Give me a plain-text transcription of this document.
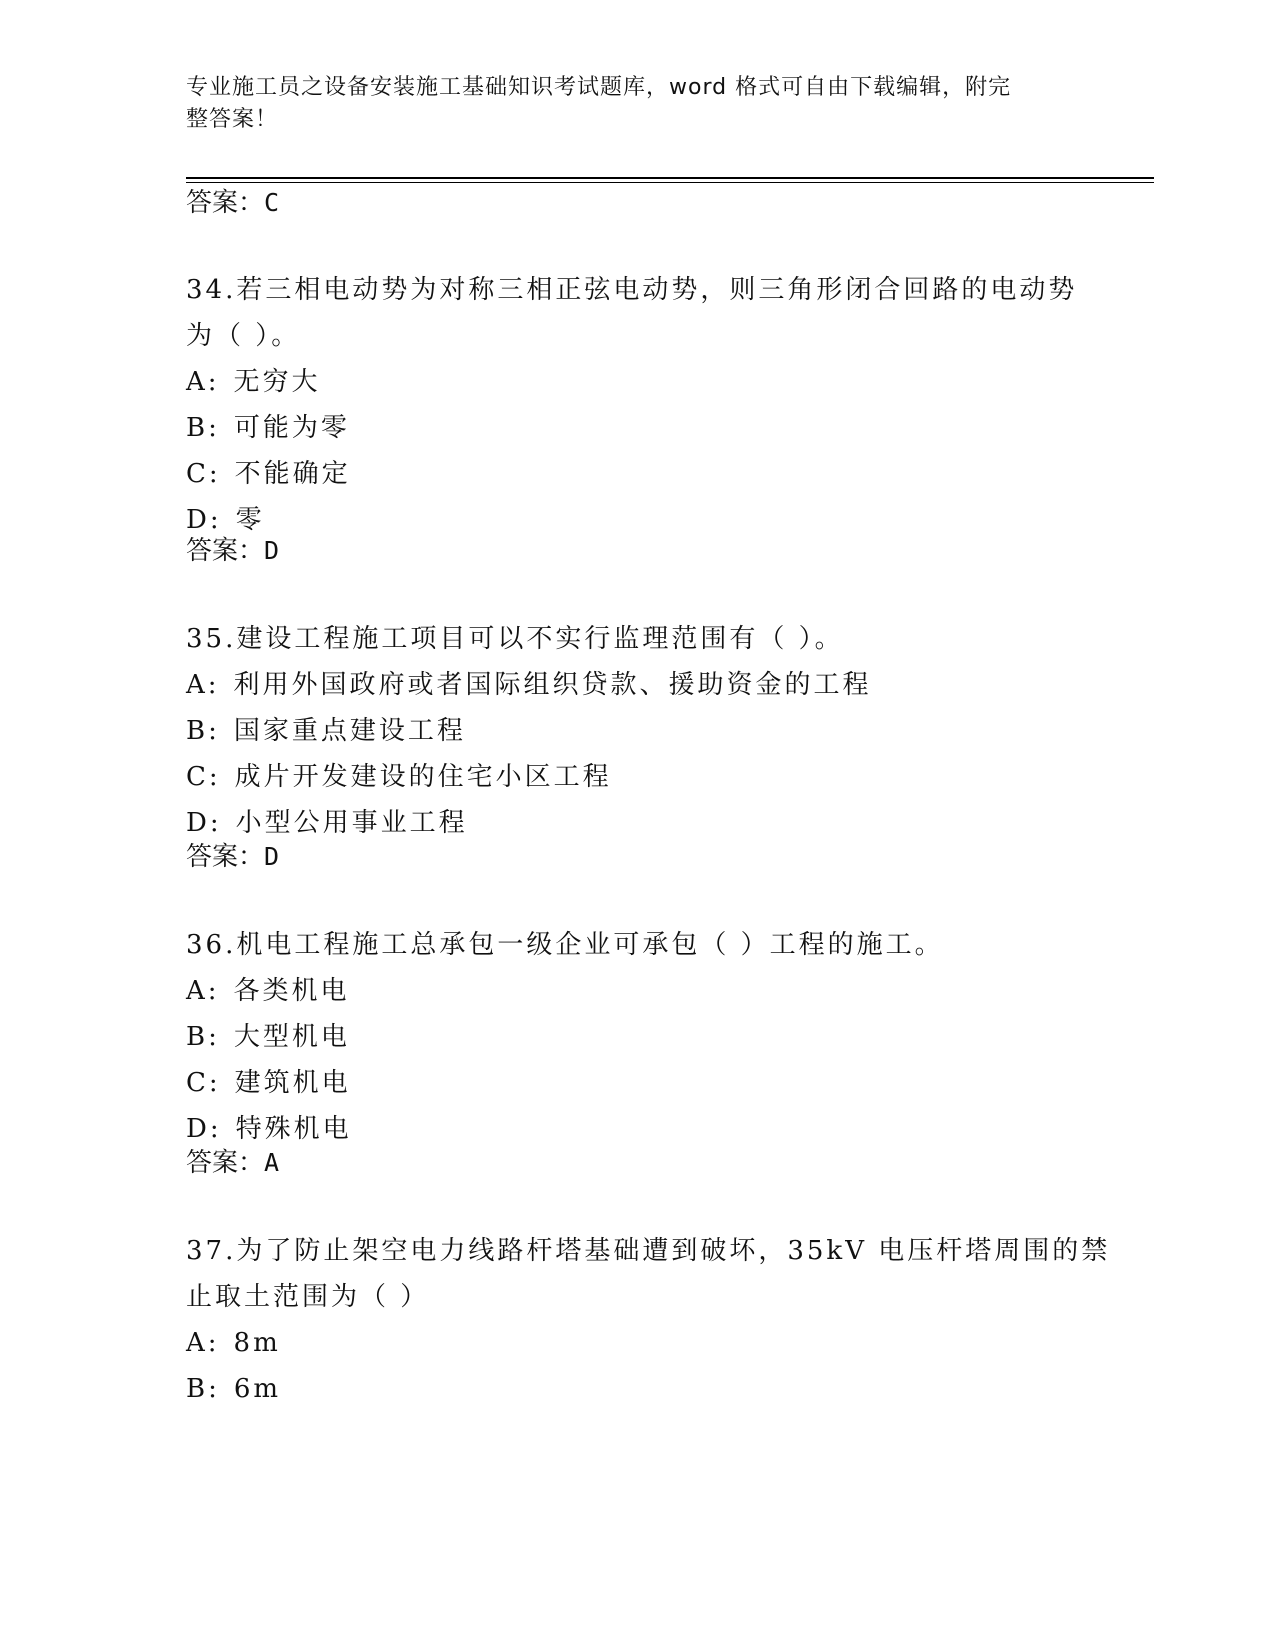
专业施工员之设备安装施工基础知识考试题库，word 格式可自由下载编辑，附完
整答案！
答案：C
34.若三相电动势为对称三相正弦电动势，则三角形闭合回路的电动势
为（ ）。
A: 无穷大
B: 可能为零
C: 不能确定
D: 零
答案：D
35.建设工程施工项目可以不实行监理范围有（ ）。
A: 利用外国政府或者国际组织贷款、援助资金的工程
B: 国家重点建设工程
C: 成片开发建设的住宅小区工程
D: 小型公用事业工程
答案：D
36.机电工程施工总承包一级企业可承包（ ）工程的施工。
A: 各类机电
B: 大型机电
C: 建筑机电
D: 特殊机电
答案：A
37.为了防止架空电力线路杆塔基础遭到破坏，35kV 电压杆塔周围的禁
止取土范围为（ ）
A: 8m
B: 6m
